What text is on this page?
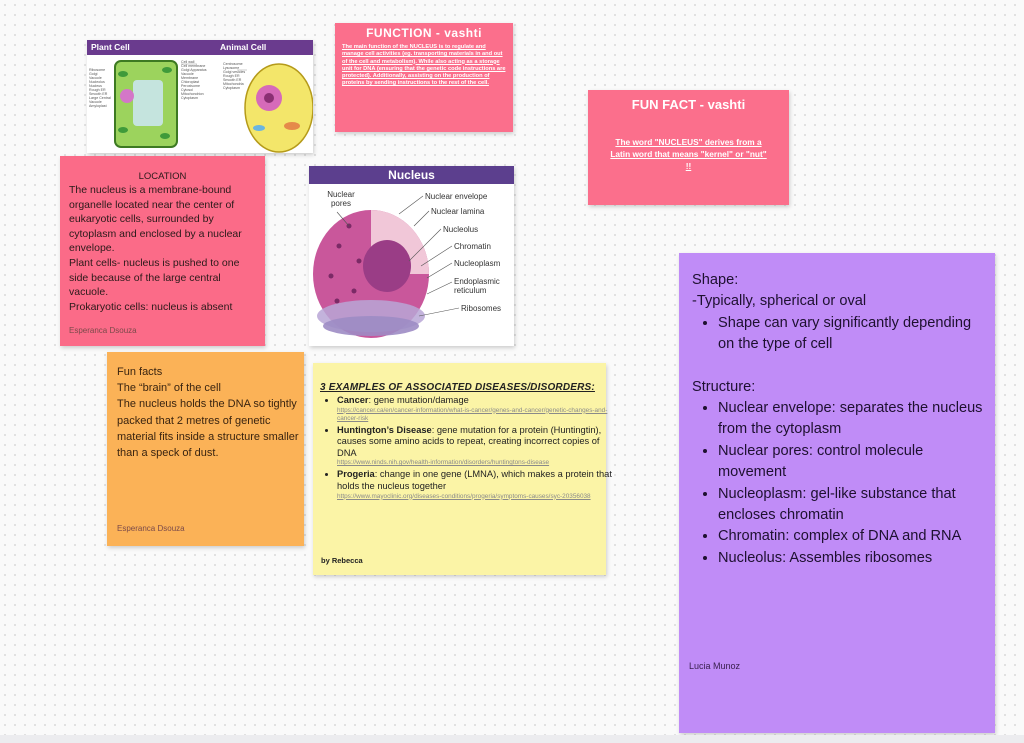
Plant Cell	Animal Cell
Ribosome
Golgi
Vacuole
Nucleolus
Nucleus
Rough ER
Smooth ER
Large Central
Vacuole
Amyloplast
Cell wall
Cell membrane
Golgi Apparatus
Vacuole
Membrane
Chloroplast
Peroxisome
Cytosol
Mitochondrion
Cytoplasm
Centrosome
Lysosome
Golgi vesicles
Rough ER
Smooth ER
Mitochondria
Cytoplasm
FUNCTION - vashti
The main function of the NUCLEUS is to regulate and manage cell activities (eg. transporting materials in and out of the cell and metabolism). While also acting as a storage unit for DNA (ensuring that the genetic code instructions are protected). Additionally, assisting on the production of proteins by sending instructions to the rest of the cell.
FUN FACT - vashti
The word "NUCLEUS" derives from a Latin word that means "kernel" or "nut" !!
LOCATION
The nucleus is a membrane-bound organelle located near the center of eukaryotic cells, surrounded by cytoplasm and enclosed by a nuclear envelope.
Plant cells- nucleus is pushed to one side because of the large central vacuole.
Prokaryotic cells: nucleus is absent
Esperanca Dsouza
Nucleus
Nuclear pores
Nuclear envelope
Nuclear lamina
Nucleolus
Chromatin
Nucleoplasm
Endoplasmic reticulum
Ribosomes
Fun facts
The “brain” of the cell
The nucleus holds the DNA so tightly packed that 2 metres of genetic material fits inside a structure smaller than a speck of dust.
Esperanca Dsouza
3 EXAMPLES OF ASSOCIATED DISEASES/DISORDERS:
• Cancer: gene mutation/damage
https://cancer.ca/en/cancer-information/what-is-cancer/genes-and-cancer/genetic-changes-and-cancer-risk
• Huntington’s Disease: gene mutation for a protein (Huntingtin), causes some amino acids to repeat, creating incorrect copies of DNA
https://www.ninds.nih.gov/health-information/disorders/huntingtons-disease
• Progeria: change in one gene (LMNA), which makes a protein that holds the nucleus together
https://www.mayoclinic.org/diseases-conditions/progeria/symptoms-causes/syc-20356038
by Rebecca
Shape:
-Typically, spherical or oval
• Shape can vary significantly depending on the type of cell
Structure:
• Nuclear envelope: separates the nucleus from the cytoplasm
• Nuclear pores: control molecule movement
• Nucleoplasm: gel-like substance that encloses chromatin
• Chromatin: complex of DNA and RNA
• Nucleolus: Assembles ribosomes
Lucia Munoz
